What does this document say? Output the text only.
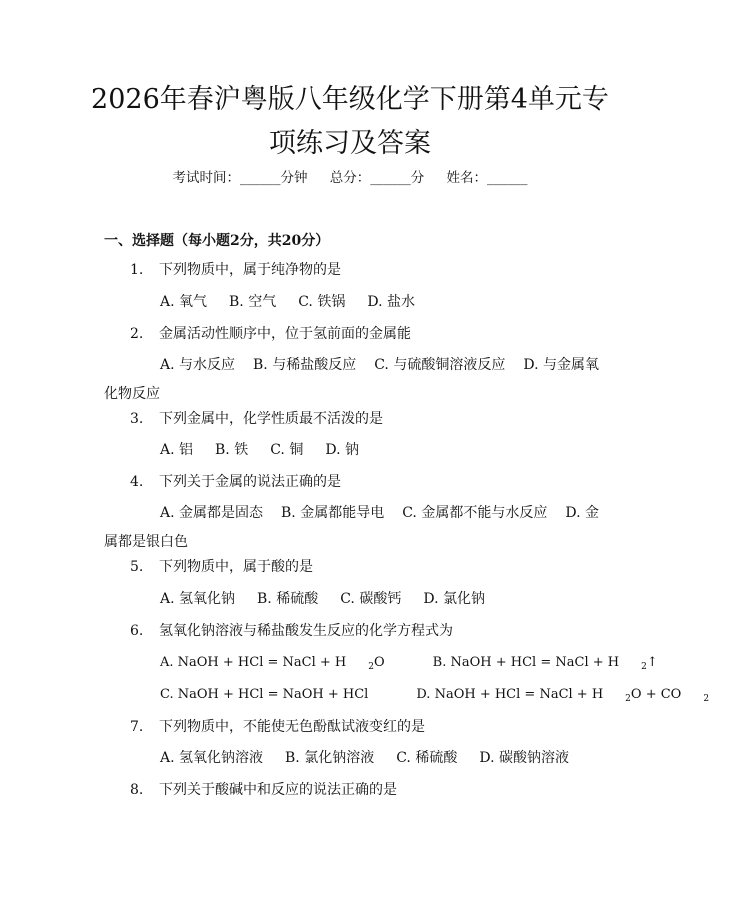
2026年春沪粤版八年级化学下册第4单元专
项练习及答案
考试时间：______分钟 总分：______分 姓名：______
一、选择题（每小题2分，共20分）
1. 下列物质中，属于纯净物的是
A. 氧气 B. 空气 C. 铁锅 D. 盐水
2. 金属活动性顺序中，位于氢前面的金属能
A. 与水反应 B. 与稀盐酸反应 C. 与硫酸铜溶液反应 D. 与金属氧化物反应
3. 下列金属中，化学性质最不活泼的是
A. 铝 B. 铁 C. 铜 D. 钠
4. 下列关于金属的说法正确的是
A. 金属都是固态 B. 金属都能导电 C. 金属都不能与水反应 D. 金属都是银白色
5. 下列物质中，属于酸的是
A. 氢氧化钠 B. 稀硫酸 C. 碳酸钙 D. 氯化钠
6. 氢氧化钠溶液与稀盐酸发生反应的化学方程式为
A. NaOH + HCl = NaCl + H $_2$O	B. NaOH + HCl = NaCl + H $_2$↑
C. NaOH + HCl = NaOH + HCl	D. NaOH + HCl = NaCl + H $_2$O + CO $_2$
7. 下列物质中，不能使无色酚酞试液变红的是
A. 氢氧化钠溶液 B. 氯化钠溶液 C. 稀硫酸 D. 碳酸钠溶液
8. 下列关于酸碱中和反应的说法正确的是
